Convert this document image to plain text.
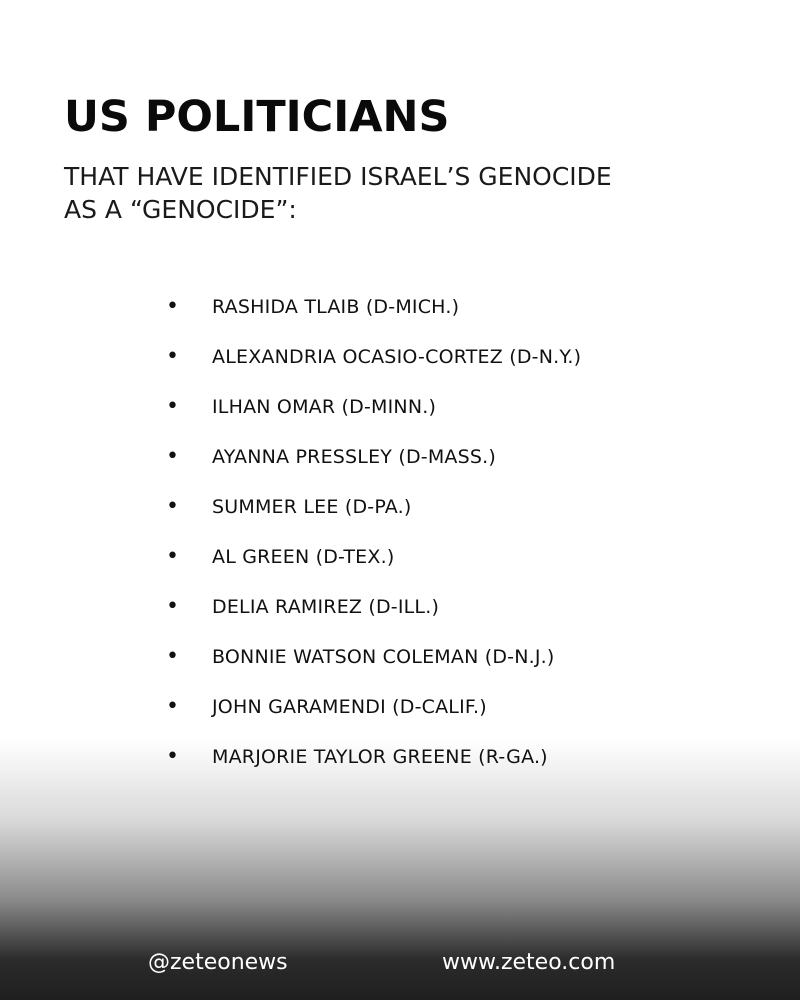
US POLITICIANS
THAT HAVE IDENTIFIED ISRAEL’S GENOCIDE
AS A “GENOCIDE”:
•	RASHIDA TLAIB (D-MICH.)
•	ALEXANDRIA OCASIO-CORTEZ (D-N.Y.)
•	ILHAN OMAR (D-MINN.)
•	AYANNA PRESSLEY (D-MASS.)
•	SUMMER LEE (D-PA.)
•	AL GREEN (D-TEX.)
•	DELIA RAMIREZ (D-ILL.)
•	BONNIE WATSON COLEMAN (D-N.J.)
•	JOHN GARAMENDI (D-CALIF.)
•	MARJORIE TAYLOR GREENE (R-GA.)
@zeteonews	www.zeteo.com
